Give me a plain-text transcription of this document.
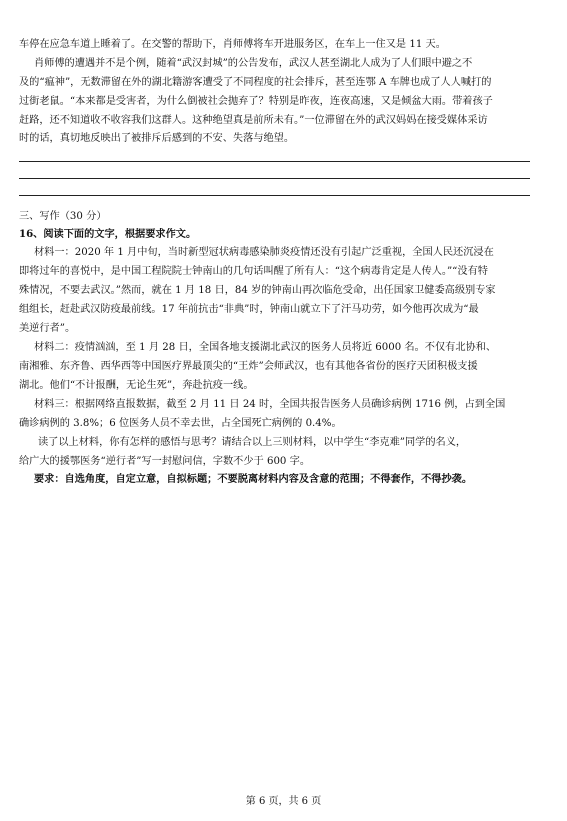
车停在应急车道上睡着了。在交警的帮助下，肖师傅将车开进服务区，在车上一住又是 11 天。
肖师傅的遭遇并不是个例，随着“武汉封城”的公告发布，武汉人甚至湖北人成为了人们眼中避之不
及的“瘟神”，无数滞留在外的湖北籍游客遭受了不同程度的社会排斥，甚至连鄂 A 车牌也成了人人喊打的
过街老鼠。“本来都是受害者，为什么倒被社会抛弃了？特别是昨夜，连夜高速，又是倾盆大雨。带着孩子
赶路，还不知道收不收容我们这群人。这种绝望真是前所未有。”一位滞留在外的武汉妈妈在接受媒体采访
时的话，真切地反映出了被排斥后感到的不安、失落与绝望。
三、写作（30 分）
16、阅读下面的文字，根据要求作文。
材料一：2020 年 1 月中旬，当时新型冠状病毒感染肺炎疫情还没有引起广泛重视，全国人民还沉浸在
即将过年的喜悦中，是中国工程院院士钟南山的几句话叫醒了所有人：“这个病毒肯定是人传人。”“没有特
殊情况，不要去武汉。”然而，就在 1 月 18 日，84 岁的钟南山再次临危受命，出任国家卫健委高级别专家
组组长，赶赴武汉防疫最前线。17 年前抗击“非典”时，钟南山就立下了汗马功劳，如今他再次成为“最
美逆行者”。
材料二：疫情汹汹，至 1 月 28 日，全国各地支援湖北武汉的医务人员将近 6000 名。不仅有北协和、
南湘雅、东齐鲁、西华西等中国医疗界最顶尖的“王炸”会师武汉，也有其他各省份的医疗天团积极支援
湖北。他们“不计报酬，无论生死”，奔赴抗疫一线。
材料三：根据网络直报数据，截至 2 月 11 日 24 时，全国共报告医务人员确诊病例 1716 例，占到全国
确诊病例的 3.8%；6 位医务人员不幸去世，占全国死亡病例的 0.4%。
读了以上材料，你有怎样的感悟与思考？请结合以上三则材料，以中学生“李克难”同学的名义，
给广大的援鄂医务“逆行者”写一封慰问信，字数不少于 600 字。
要求：自选角度，自定立意，自拟标题；不要脱离材料内容及含意的范围；不得套作，不得抄袭。
第 6 页，共 6 页
